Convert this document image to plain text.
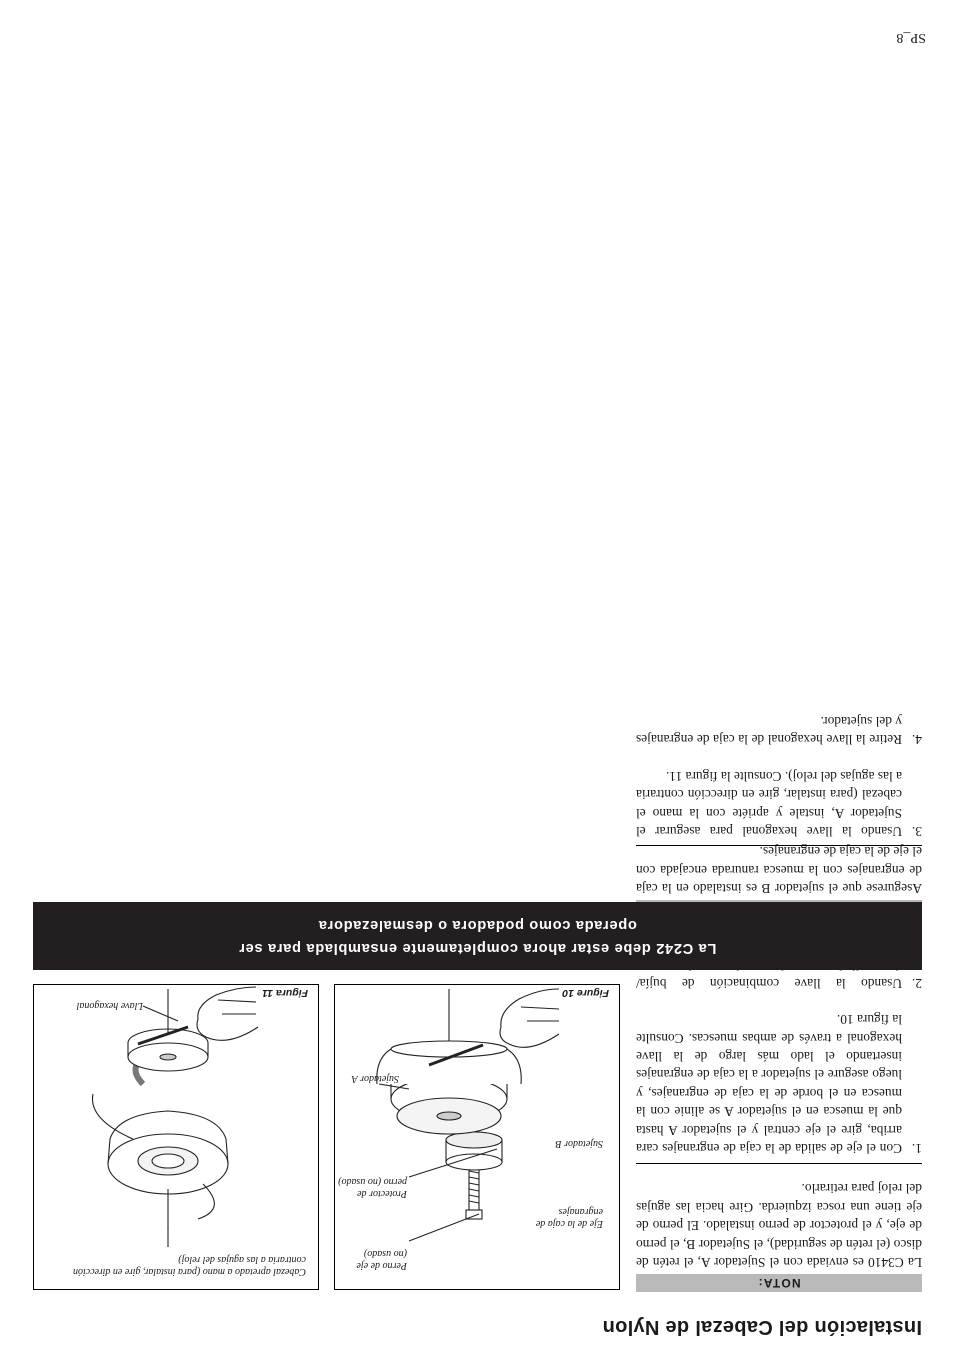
SP_8
Instalación del Cabezal de Nylon
NOTA:
La C3410 es enviada con el Sujetador A, el retén de disco (el retén de seguridad), el Sujetador B, el perno de eje, y el protector de perno instalado. El perno de eje tiene una rosca izquierda. Gire hacia las agujas del reloj para retirarlo.
1.
Con el eje de salida de la caja de engranajes cara arriba, gire el eje central y el sujetador A hasta que la muesca en el sujetador A se alinie con la muesca en el borde de la caja de engranajes, y luego asegure el sujetador a la caja de engranajes insertando el lado más largo de la llave hexagonal a través de ambas muescas. Consulte la figura 10.
2.
Usando la llave combinación de bujía/
Asegurese que el sujetador B es instalado en la caja de engranajes con la muesca ranurada encajada con el eje de la caja de engranajes.
3.
Usando la llave hexagonal para asegurar el Sujetador A, instale y apriéte con la mano el cabezal (para instalar, gire en dirección contraria a las agujas del reloj). Consulte la figura 11.
4.
Retire la llave hexagonal de la caja de engranajes y del sujetador.
Figure 10
Perno de eje (no usado)
Protector de perno (no usado)
Eje de la caja de engranajes
Sujetador B
Sujetador A
Cabezal apretado a mano (para instalar, gire en dirección contraria a las agujas del reloj)
Figura 11
Llave hexagonal
La C242 debe estar ahora completamente ensamblada para ser
operada como podadora o desmalezadora
